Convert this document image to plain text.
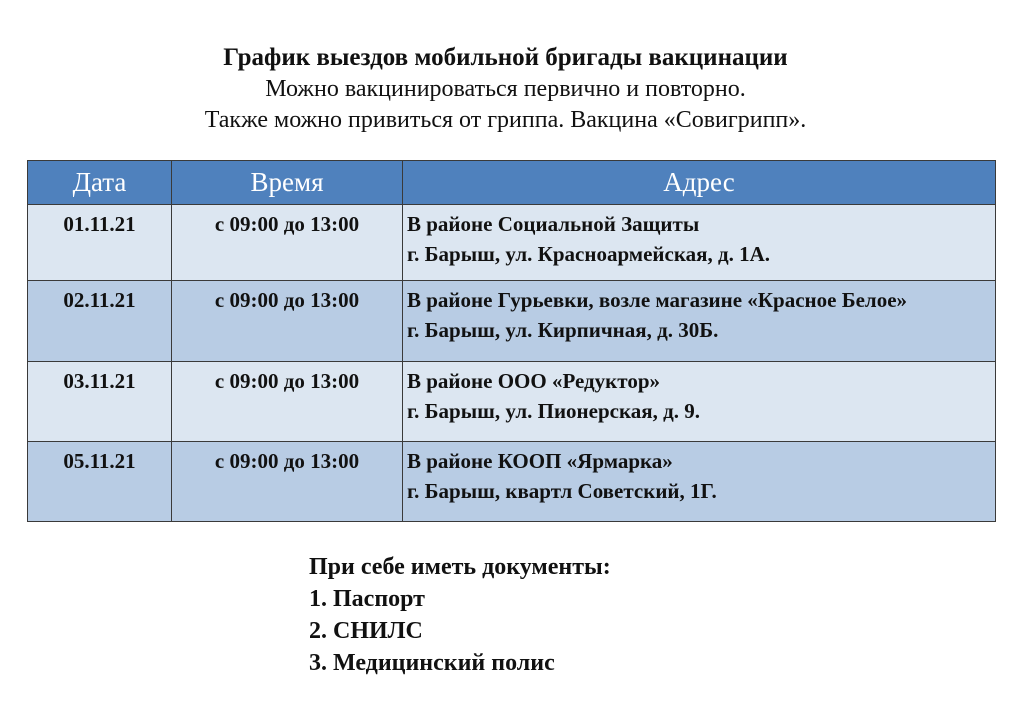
График выездов мобильной бригады вакцинации

Можно вакцинироваться первично и повторно.

Также можно привиться от гриппа. Вакцина «Совигрипп».

Дата	Время	Адрес
01.11.21	с 09:00 до 13:00	В районе Социальной Защиты
г. Барыш, ул. Красноармейская, д. 1А.

02.11.21	с 09:00 до 13:00	В районе Гурьевки, возле магазине «Красное Белое»
г. Барыш, ул. Кирпичная, д. 30Б.

03.11.21	с 09:00 до 13:00	В районе ООО «Редуктор»
г. Барыш, ул. Пионерская, д. 9.

05.11.21	с 09:00 до 13:00	В районе КООП «Ярмарка»
г. Барыш, квартл Советский, 1Г.
При себе иметь документы:
1. Паспорт
2. СНИЛС
3. Медицинский полис
